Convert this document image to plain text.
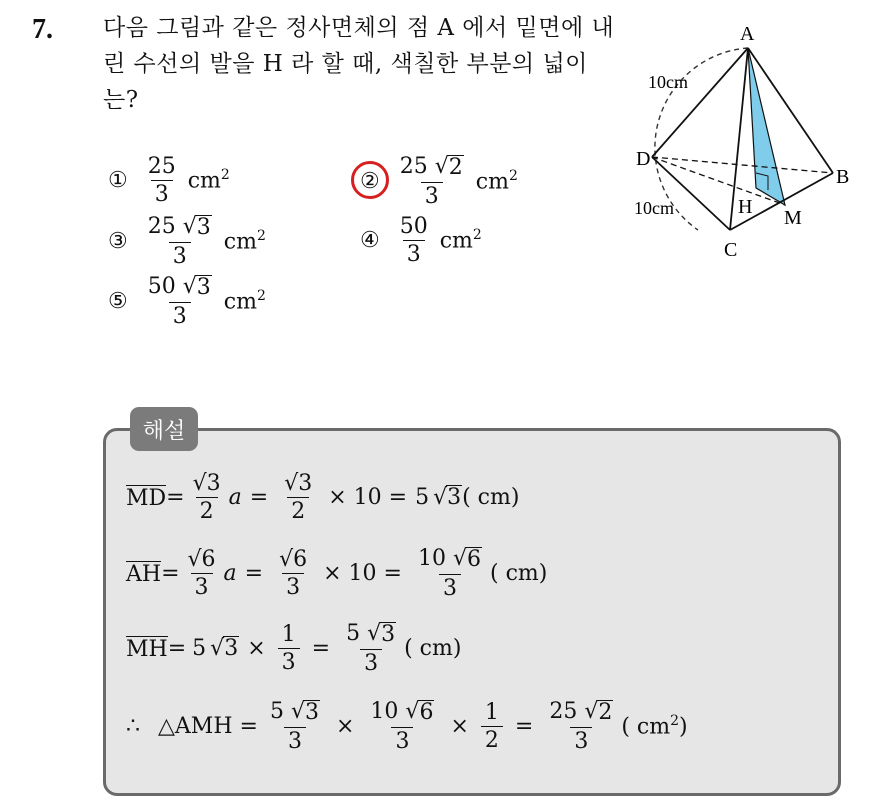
7. 다음 그림과 같은 정사면체의 점 A 에서 밑면에 내린 수선의 발을 H 라 할 때, 색칠한 부분의 넓이는?
① $\frac{25}{3} cm^2$	② $\frac{25 √ 2}{3} cm^2$
③ $\frac{25 √ 3}{3} cm^2$	④ $\frac{50}{3} cm^2$
⑤ $\frac{50 √ 3}{3} cm^2$
A
D
B
C
H M
10cm
10cm
해설
MD = $\frac{√3}{2}$ $a = \frac{√3}{2} \times 10 = 5$ √ 3 ( cm)
AH = $\frac{√6}{3}$ $a = \frac{√6}{3} \times 10 = \frac{10 √ 6}{3}$ ( cm)
MH = 5 √ $3 \times \frac{1}{3} = \frac{5 √ 3}{3}$ ( cm)
∴ △AMH = $\frac{5 √ 3}{3} \times \frac{10 √ 6}{3} \times \frac{1}{2} = \frac{25 √ 2}{3}$ ( $cm^2$)
